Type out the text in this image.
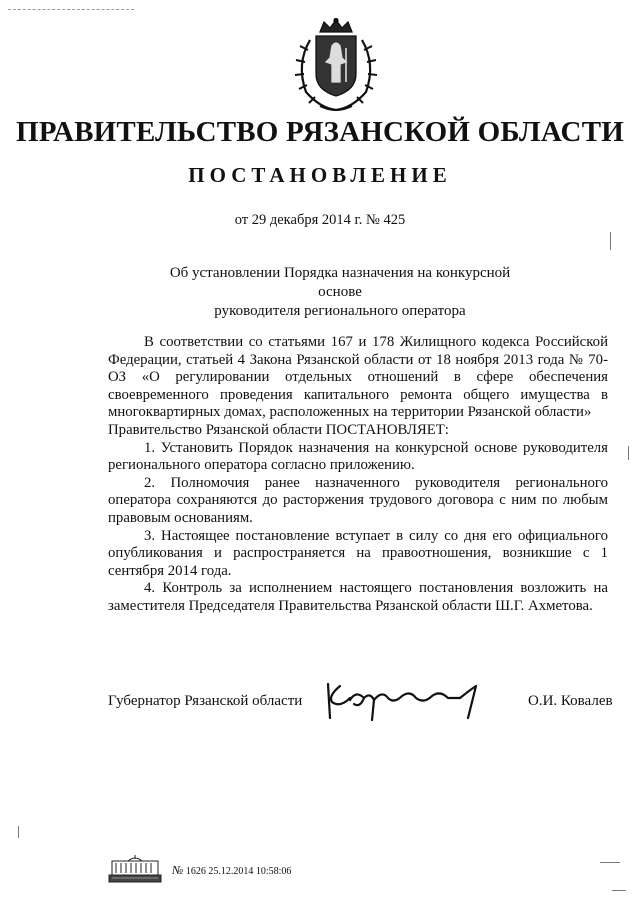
ПРАВИТЕЛЬСТВО РЯЗАНСКОЙ ОБЛАСТИ
ПОСТАНОВЛЕНИЕ
от 29 декабря 2014 г. № 425
Об установлении Порядка назначения на конкурсной основе
руководителя регионального оператора

В соответствии со статьями 167 и 178 Жилищного кодекса Российской Федерации, статьей 4 Закона Рязанской области от 18 ноября 2013 года № 70-ОЗ «О регулировании отдельных отношений в сфере обеспечения своевременного проведения капитального ремонта общего имущества в многоквартирных домах, расположенных на территории Рязанской области»

Правительство Рязанской области ПОСТАНОВЛЯЕТ:

1. Установить Порядок назначения на конкурсной основе руководителя регионального оператора согласно приложению.

2. Полномочия ранее назначенного руководителя регионального оператора сохраняются до расторжения трудового договора с ним по любым правовым основаниям.

3. Настоящее постановление вступает в силу со дня его официального опубликования и распространяется на правоотношения, возникшие с 1 сентября 2014 года.

4. Контроль за исполнением настоящего постановления возложить на заместителя Председателя Правительства Рязанской области Ш.Г. Ахметова.

Губернатор Рязанской области	О.И. Ковалев
№ 1626 25.12.2014 10:58:06
